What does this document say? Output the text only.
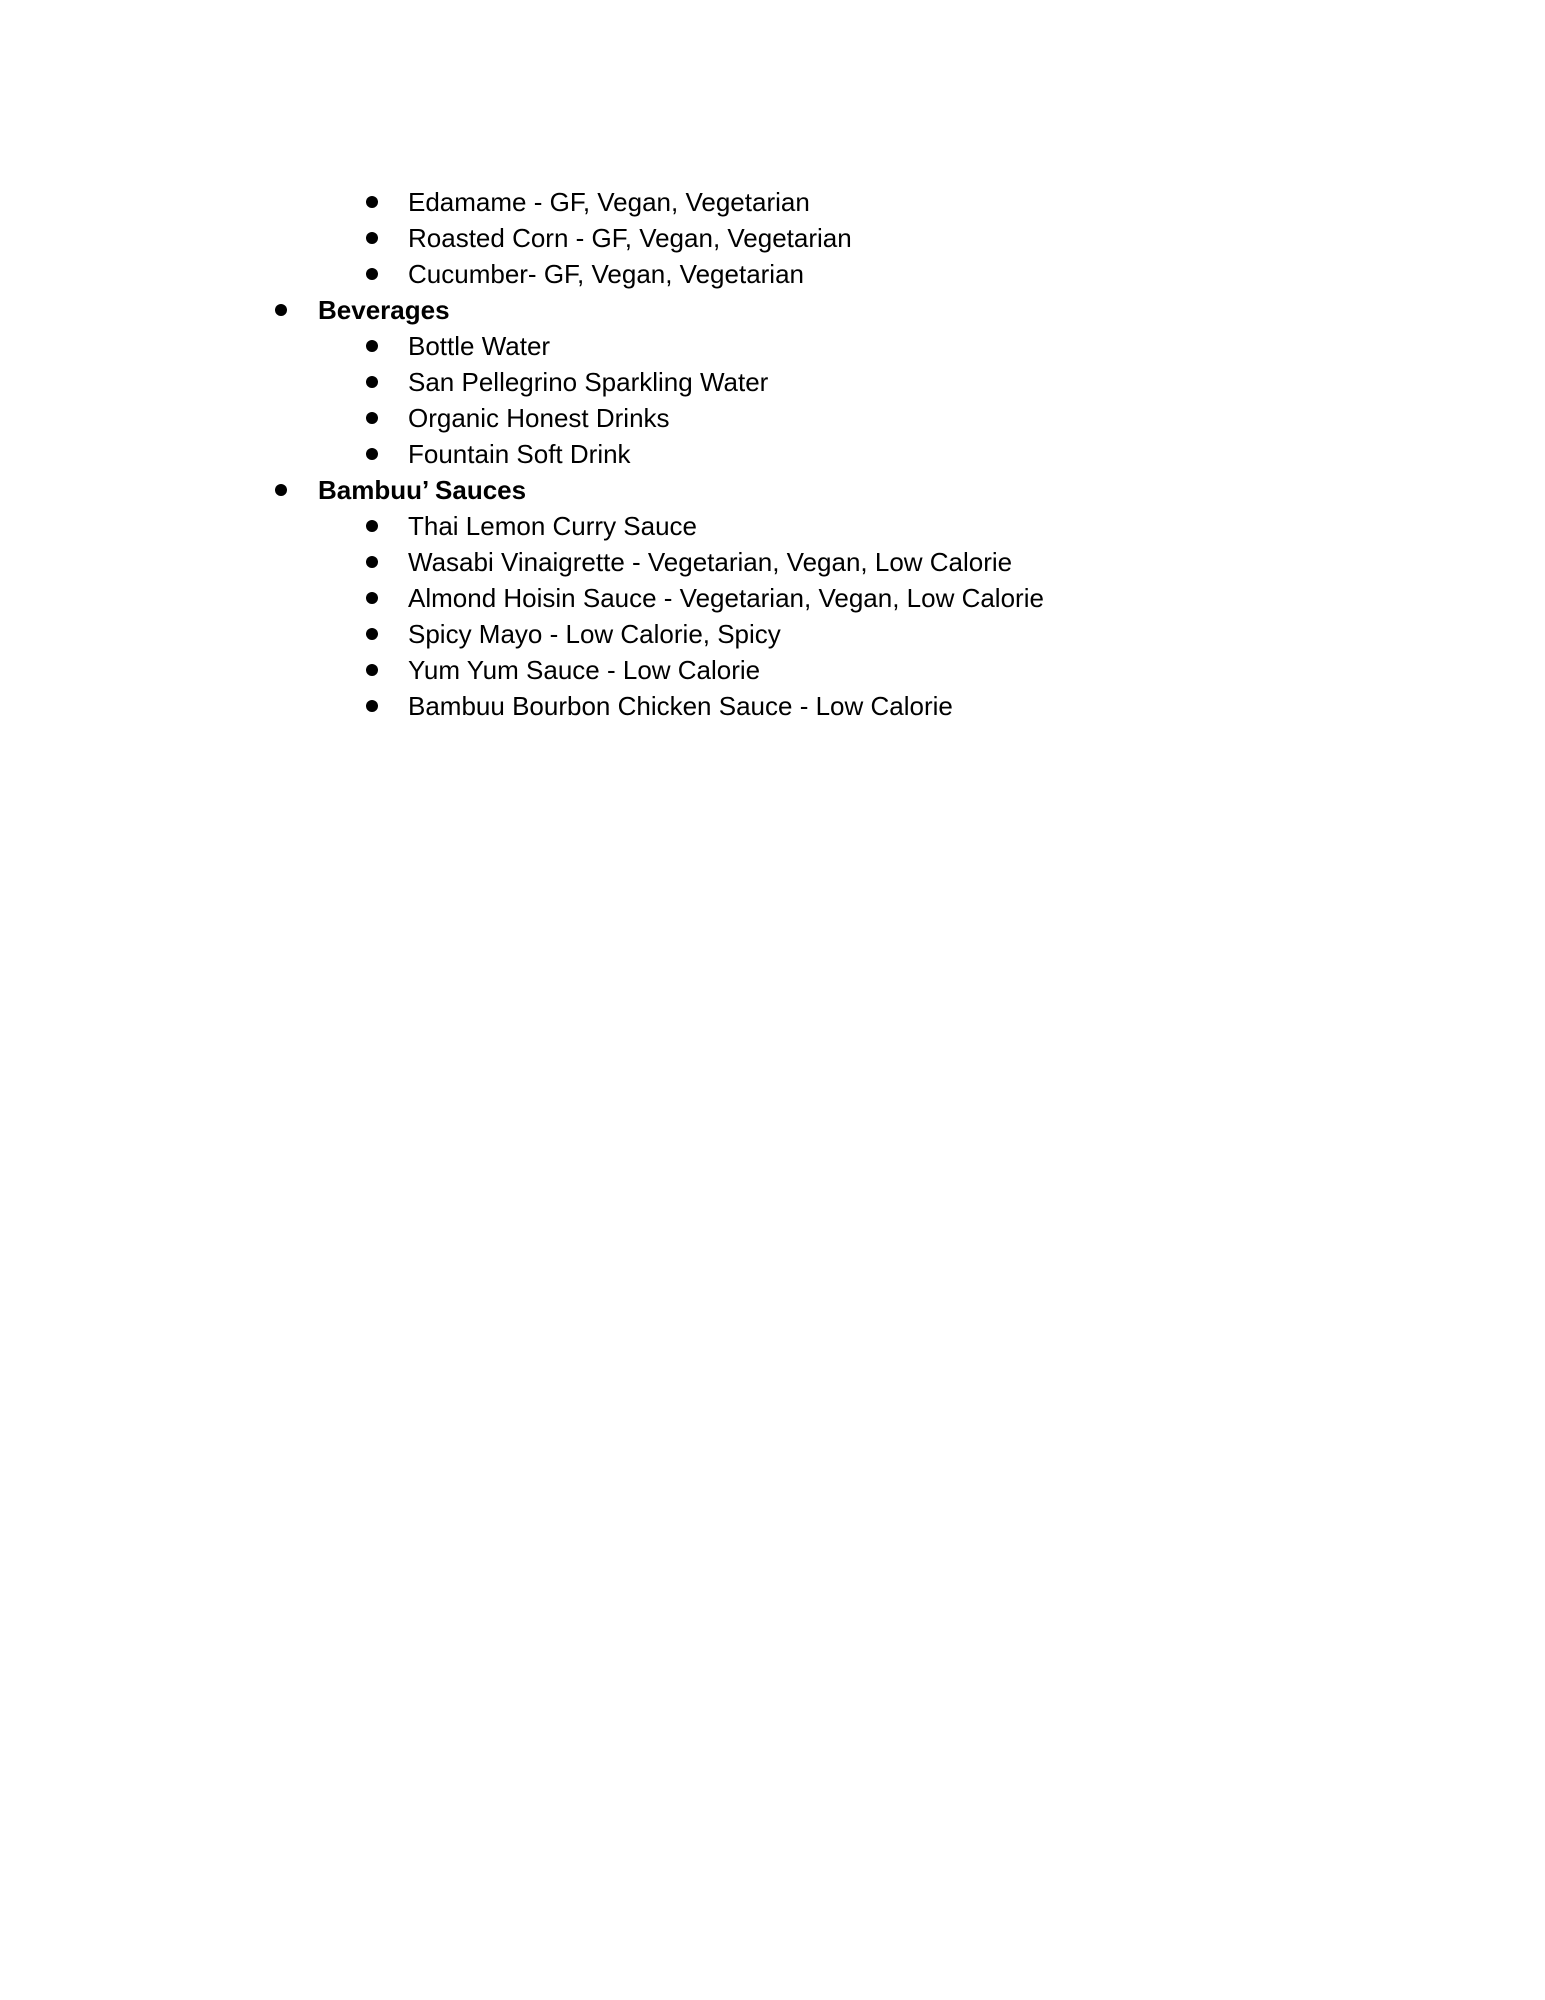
Edamame - GF, Vegan, Vegetarian
Roasted Corn - GF, Vegan, Vegetarian
Cucumber- GF, Vegan, Vegetarian
Beverages
Bottle Water
San Pellegrino Sparkling Water
Organic Honest Drinks
Fountain Soft Drink
Bambuu’ Sauces
Thai Lemon Curry Sauce
Wasabi Vinaigrette - Vegetarian, Vegan, Low Calorie
Almond Hoisin Sauce - Vegetarian, Vegan, Low Calorie
Spicy Mayo - Low Calorie, Spicy
Yum Yum Sauce - Low Calorie
Bambuu Bourbon Chicken Sauce - Low Calorie
